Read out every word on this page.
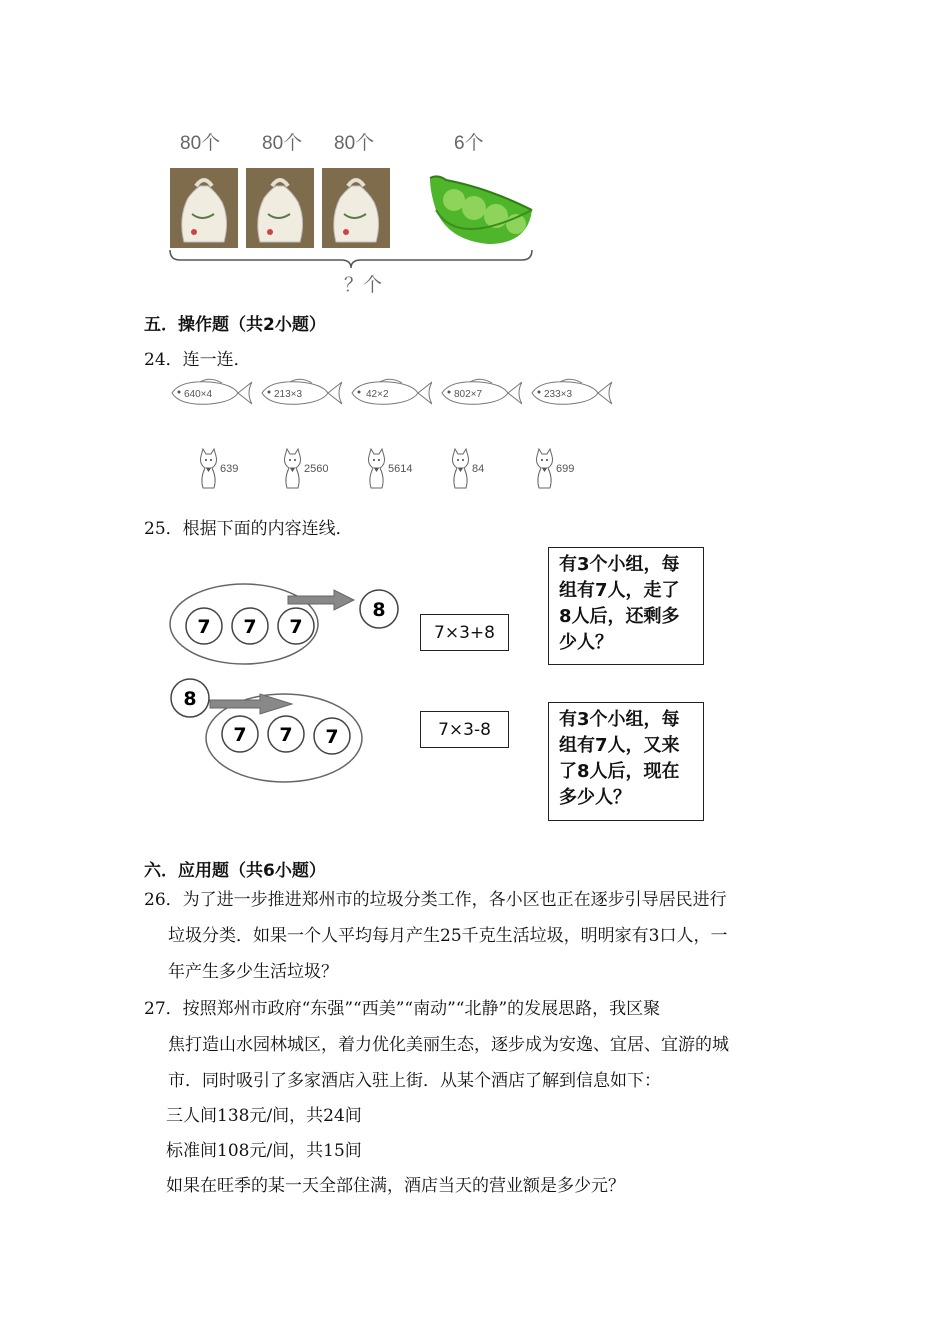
80个 80个 80个	6个
？个
五．操作题（共2小题）
24．连一连．
640×4	213×3	42×2	802×7	233×3
639	2560	5614	84	699
25．根据下面的内容连线．
7 7 7
8
8
7 7 7
7×3+8
7×3-8
有3个小组，每
组有7人，走了
8人后，还剩多
少人？
有3个小组，每
组有7人，又来
了8人后，现在
多少人？
六．应用题（共6小题）
26．为了进一步推进郑州市的垃圾分类工作，各小区也正在逐步引导居民进行
垃圾分类．如果一个人平均每月产生25千克生活垃圾，明明家有3口人，一
年产生多少生活垃圾？
27．按照郑州市政府“东强”“西美”“南动”“北静”的发展思路，我区聚
焦打造山水园林城区，着力优化美丽生态，逐步成为安逸、宜居、宜游的城
市．同时吸引了多家酒店入驻上街．从某个酒店了解到信息如下：
三人间138元/间，共24间
标准间108元/间，共15间
如果在旺季的某一天全部住满，酒店当天的营业额是多少元？
